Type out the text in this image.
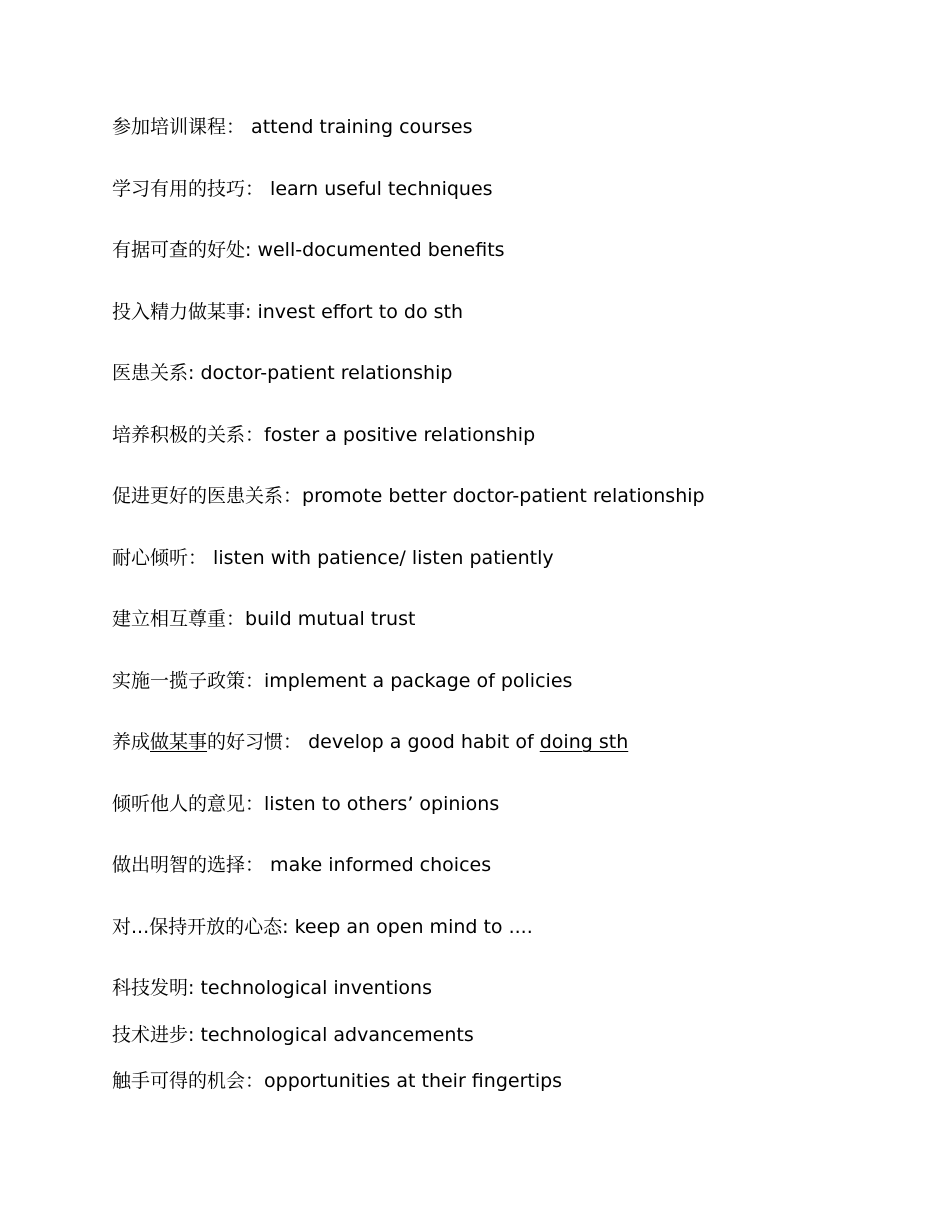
参加培训课程： attend training courses
学习有用的技巧： learn useful techniques
有据可查的好处: well-documented benefits
投入精力做某事: invest effort to do sth
医患关系: doctor-patient relationship
培养积极的关系：foster a positive relationship
促进更好的医患关系：promote better doctor-patient relationship
耐心倾听： listen with patience/ listen patiently
建立相互尊重：build mutual trust
实施一揽子政策：implement a package of policies
养成做某事的好习惯： develop a good habit of doing sth
倾听他人的意见：listen to others’ opinions
做出明智的选择： make informed choices
对...保持开放的心态: keep an open mind to ....
科技发明: technological inventions
技术进步: technological advancements
触手可得的机会：opportunities at their fingertips
